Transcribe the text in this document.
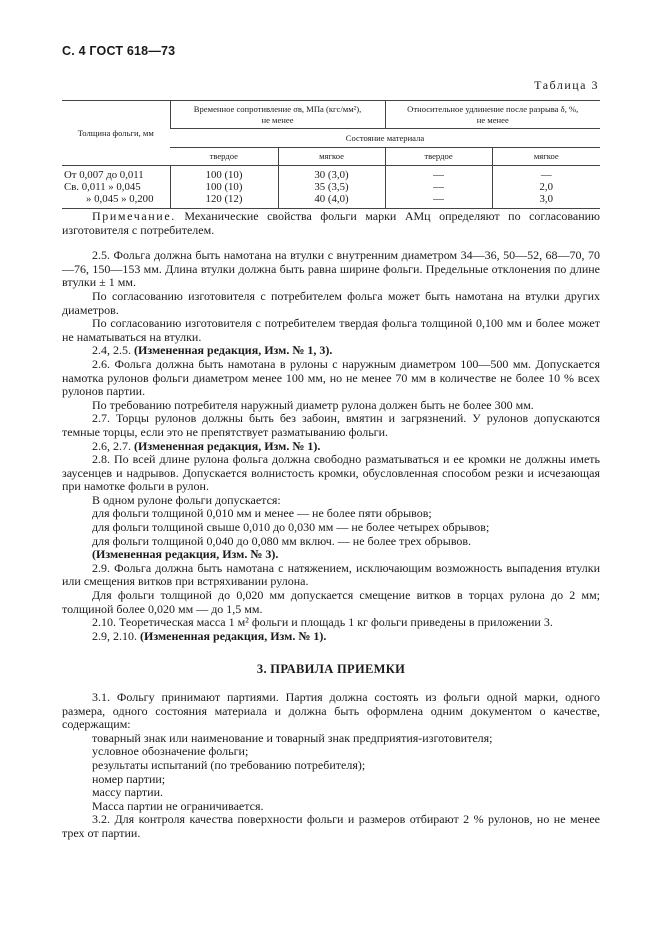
С. 4 ГОСТ 618—73
Таблица 3
Толщина фольги, мм	Временное сопротивление σв, МПа (кгс/мм²), не менее		Относительное удлинение после разрыва δ, %, не менее	
	Состояние материала			
	твердое	мягкое	твердое	мягкое
От 0,007 до 0,011	100 (10)	30 (3,0)	—	—
Св. 0,011 » 0,045	100 (10)	35 (3,5)	—	2,0
» 0,045 » 0,200	120 (12)	40 (4,0)	—	3,0

Примечание. Механические свойства фольги марки АМц определяют по согласованию изготовителя с потребителем.

2.5. Фольга должна быть намотана на втулки с внутренним диаметром 34—36, 50—52, 68—70, 70—76, 150—153 мм. Длина втулки должна быть равна ширине фольги. Предельные отклонения по длине втулки ± 1 мм.

По согласованию изготовителя с потребителем фольга может быть намотана на втулки других диаметров.

По согласованию изготовителя с потребителем твердая фольга толщиной 0,100 мм и более может не наматываться на втулки.

2.4, 2.5. (Измененная редакция, Изм. № 1, 3).

2.6. Фольга должна быть намотана в рулоны с наружным диаметром 100—500 мм. Допускается намотка рулонов фольги диаметром менее 100 мм, но не менее 70 мм в количестве не более 10 % всех рулонов партии.

По требованию потребителя наружный диаметр рулона должен быть не более 300 мм.

2.7. Торцы рулонов должны быть без забоин, вмятин и загрязнений. У рулонов допускаются темные торцы, если это не препятствует разматыванию фольги.

2.6, 2.7. (Измененная редакция, Изм. № 1).

2.8. По всей длине рулона фольга должна свободно разматываться и ее кромки не должны иметь заусенцев и надрывов. Допускается волнистость кромки, обусловленная способом резки и исчезающая при намотке фольги в рулон.

В одном рулоне фольги допускается:

для фольги толщиной 0,010 мм и менее — не более пяти обрывов;

для фольги толщиной свыше 0,010 до 0,030 мм — не более четырех обрывов;

для фольги толщиной 0,040 до 0,080 мм включ. — не более трех обрывов.

(Измененная редакция, Изм. № 3).

2.9. Фольга должна быть намотана с натяжением, исключающим возможность выпадения втулки или смещения витков при встряхивании рулона.

Для фольги толщиной до 0,020 мм допускается смещение витков в торцах рулона до 2 мм; толщиной более 0,020 мм — до 1,5 мм.

2.10. Теоретическая масса 1 м² фольги и площадь 1 кг фольги приведены в приложении 3.

2.9, 2.10. (Измененная редакция, Изм. № 1).

3. ПРАВИЛА ПРИЕМКИ

3.1. Фольгу принимают партиями. Партия должна состоять из фольги одной марки, одного размера, одного состояния материала и должна быть оформлена одним документом о качестве, содержащим:

товарный знак или наименование и товарный знак предприятия-изготовителя;

условное обозначение фольги;

результаты испытаний (по требованию потребителя);

номер партии;

массу партии.

Масса партии не ограничивается.

3.2. Для контроля качества поверхности фольги и размеров отбирают 2 % рулонов, но не менее трех от партии.
